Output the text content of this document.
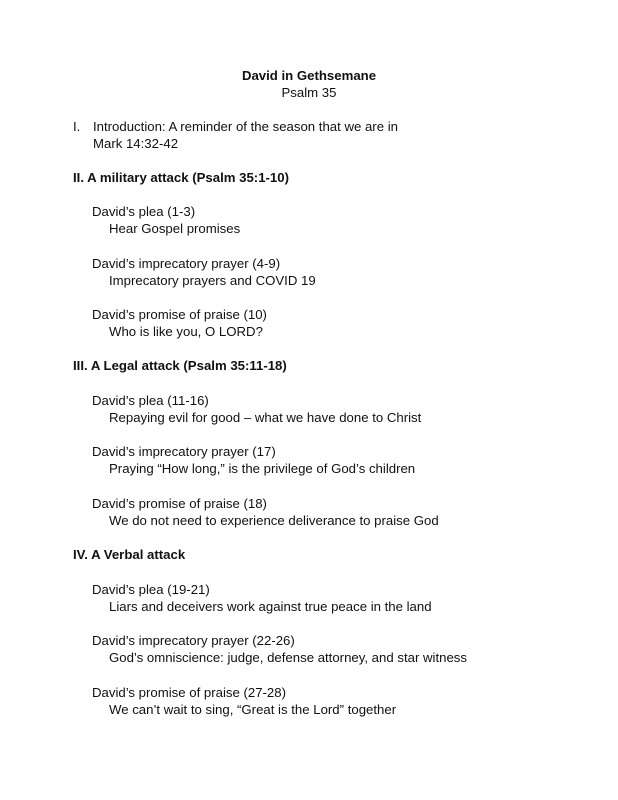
David in Gethsemane
Psalm 35
I. Introduction: A reminder of the season that we are in
Mark 14:32-42
II. A military attack (Psalm 35:1-10)
David’s plea (1-3)
Hear Gospel promises
David’s imprecatory prayer (4-9)
Imprecatory prayers and COVID 19
David’s promise of praise (10)
Who is like you, O LORD?
III. A Legal attack (Psalm 35:11-18)
David’s plea (11-16)
Repaying evil for good – what we have done to Christ
David’s imprecatory prayer (17)
Praying “How long,” is the privilege of God’s children
David’s promise of praise (18)
We do not need to experience deliverance to praise God
IV. A Verbal attack
David’s plea (19-21)
Liars and deceivers work against true peace in the land
David’s imprecatory prayer (22-26)
God’s omniscience: judge, defense attorney, and star witness
David’s promise of praise (27-28)
We can’t wait to sing, “Great is the Lord” together
